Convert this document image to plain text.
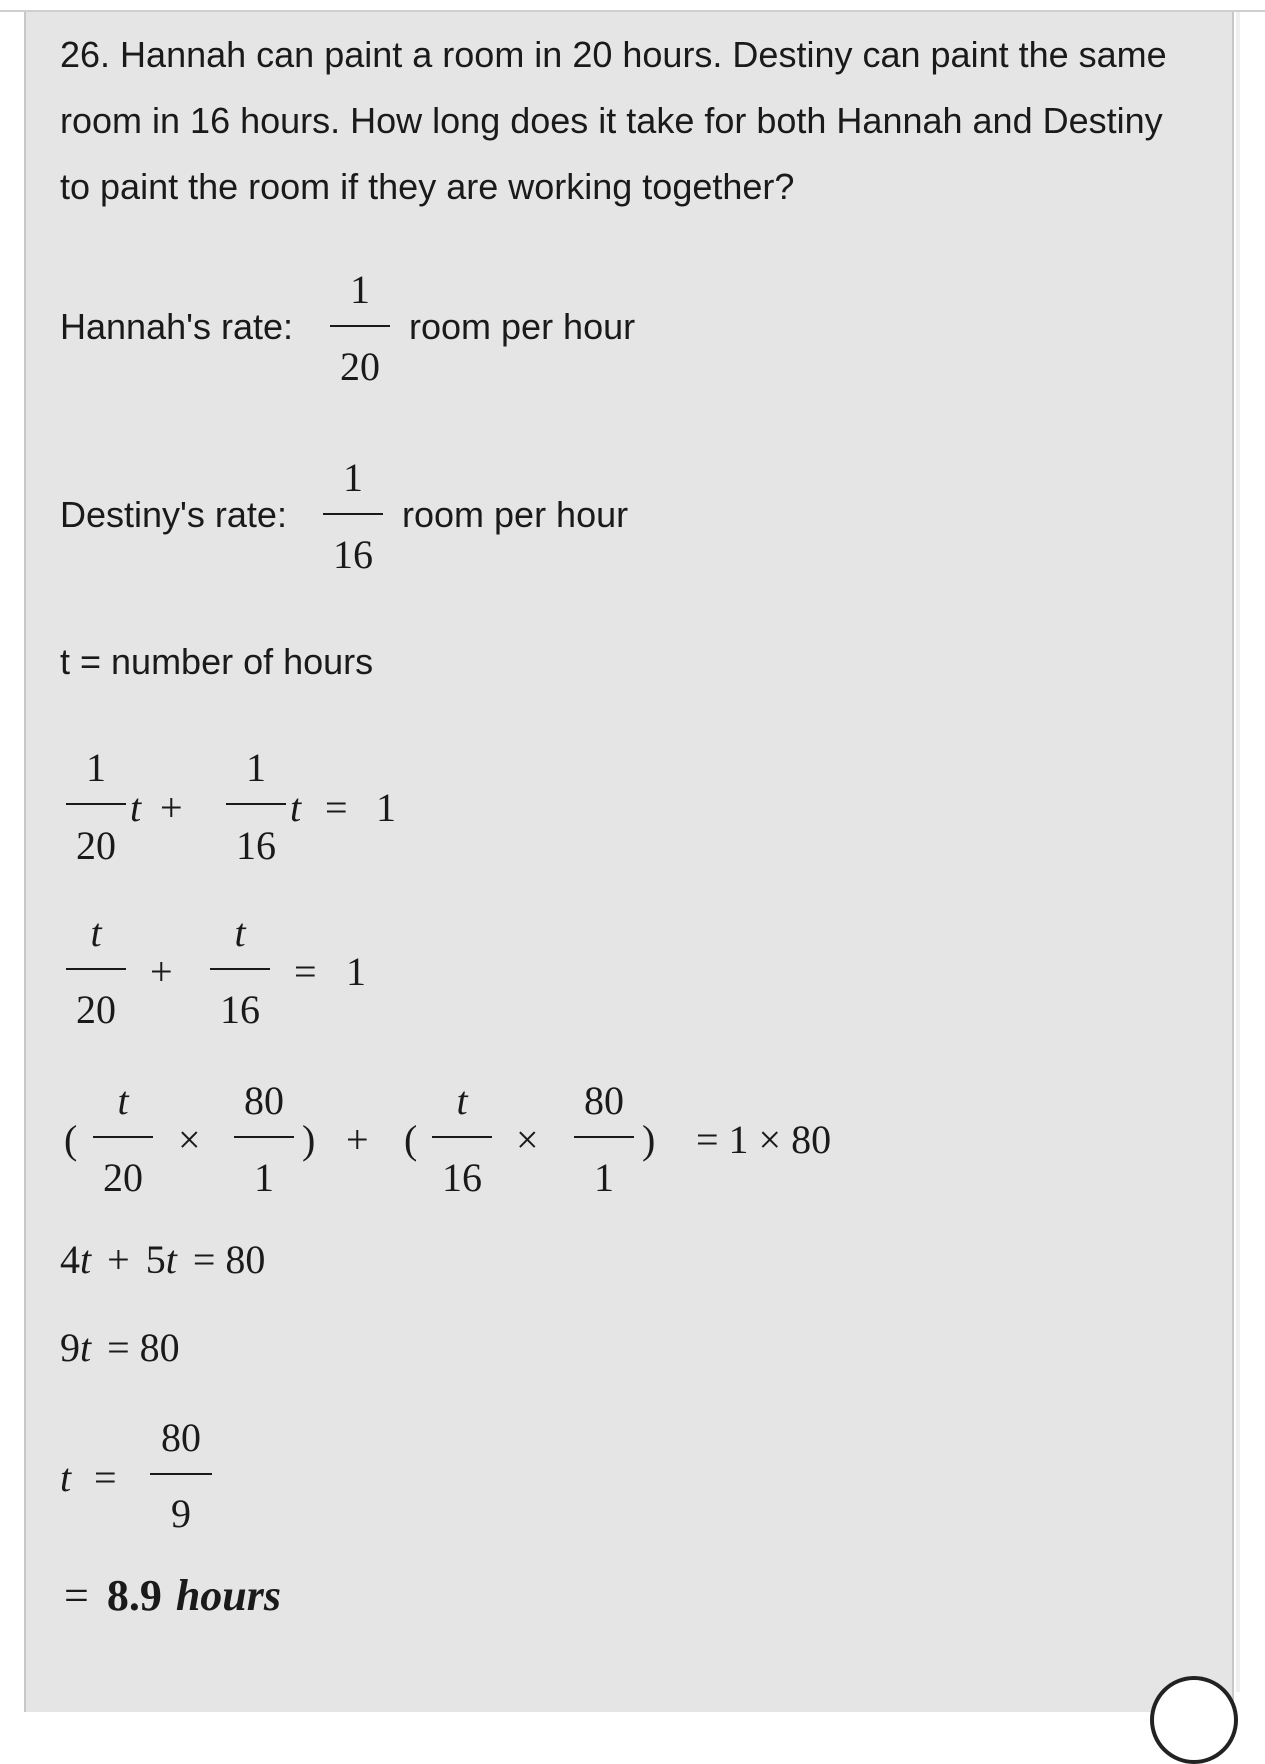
26. Hannah can paint a room in 20 hours. Destiny can paint the same room in 16 hours. How long does it take for both Hannah and Destiny to paint the room if they are working together?
Hannah's rate:
1
20
room per hour
Destiny's rate:
1
16
room per hour
t = number of hours
1
20
t +
1
16
t = 1
t
20
+
t
16
= 1
(
t
20
×
80
1
) + (
t
16
×
80
1
) = 1 × 80
4t + 5t = 80
9t = 80
t =
80
9
= 8.9 hours
